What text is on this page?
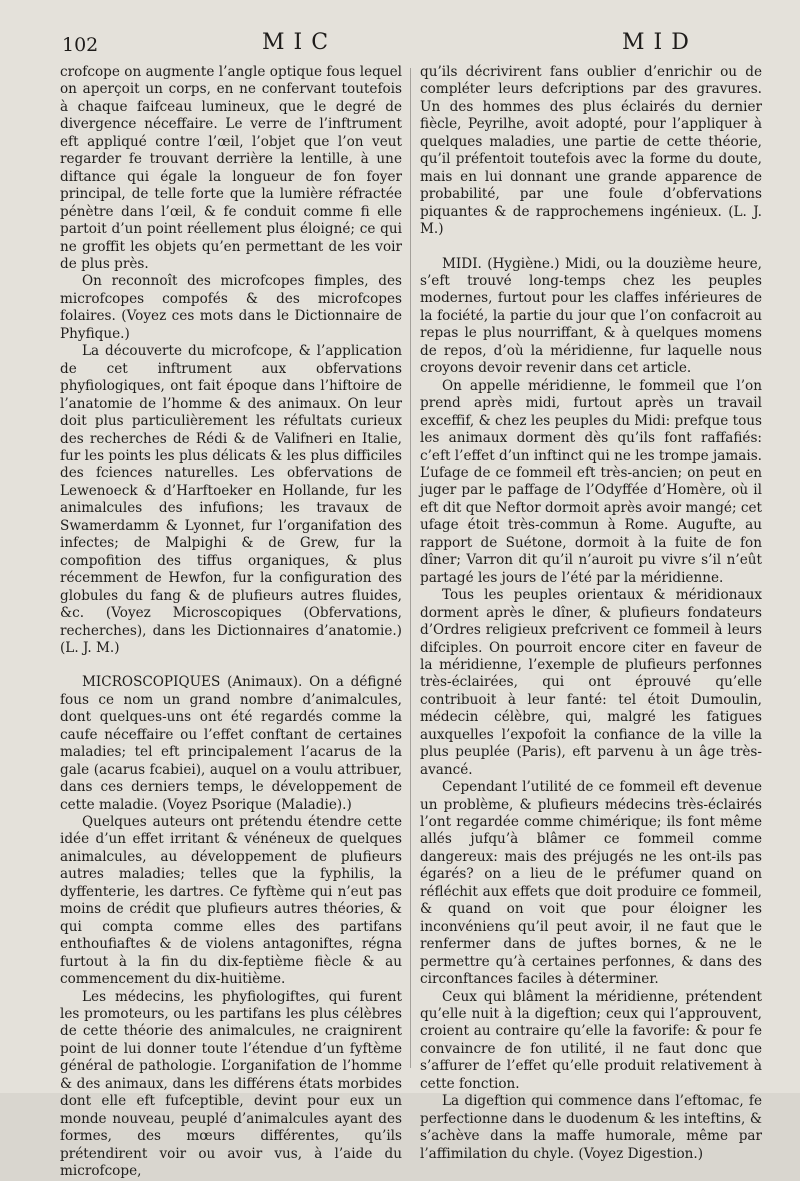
102	MIC	MID

crofcope on augmente l’angle optique fous lequel on aperçoit un corps, en ne confervant toutefois à chaque faifceau lumineux, que le degré de divergence néceffaire. Le verre de l’inftrument eft appliqué contre l’œil, l’objet que l’on veut regarder fe trouvant derrière la lentille, à une diftance qui égale la longueur de fon foyer principal, de telle forte que la lumière réfractée pénètre dans l’œil, & fe conduit comme fi elle partoit d’un point réellement plus éloigné; ce qui ne groffit les objets qu’en permettant de les voir de plus près.

On reconnoît des microfcopes fimples, des microfcopes compofés & des microfcopes folaires. (Voyez ces mots dans le Dictionnaire de Phyfique.)

La découverte du microfcope, & l’application de cet inftrument aux obfervations phyfiologiques, ont fait époque dans l’hiftoire de l’anatomie de l’homme & des animaux. On leur doit plus particulièrement les réfultats curieux des recherches de Rédi & de Valifneri en Italie, fur les points les plus délicats & les plus difficiles des fciences naturelles. Les obfervations de Lewenoeck & d’Harftoeker en Hollande, fur les animalcules des infufions; les travaux de Swamerdamm & Lyonnet, fur l’organifation des infectes; de Malpighi & de Grew, fur la compofition des tiffus organiques, & plus récemment de Hewfon, fur la configuration des globules du fang & de plufieurs autres fluides, &c. (Voyez Microscopiques (Obfervations, recherches), dans les Dictionnaires d’anatomie.) (L. J. M.)

MICROSCOPIQUES (Animaux). On a défigné fous ce nom un grand nombre d’animalcules, dont quelques-uns ont été regardés comme la caufe néceffaire ou l’effet conftant de certaines maladies; tel eft principalement l’acarus de la gale (acarus fcabiei), auquel on a voulu attribuer, dans ces derniers temps, le développement de cette maladie. (Voyez Psorique (Maladie).)

Quelques auteurs ont prétendu étendre cette idée d’un effet irritant & vénéneux de quelques animalcules, au développement de plufieurs autres maladies; telles que la fyphilis, la dyffenterie, les dartres. Ce fyftème qui n’eut pas moins de crédit que plufieurs autres théories, & qui compta comme elles des partifans enthoufiaftes & de violens antagoniftes, régna furtout à la fin du dix-feptième fiècle & au commencement du dix-huitième.

Les médecins, les phyfiologiftes, qui furent les promoteurs, ou les partifans les plus célèbres de cette théorie des animalcules, ne craignirent point de lui donner toute l’étendue d’un fyftème général de pathologie. L’organifation de l’homme & des animaux, dans les différens états morbides dont elle eft fufceptible, devint pour eux un monde nouveau, peuplé d’animalcules ayant des formes, des mœurs différentes, qu’ils prétendirent voir ou avoir vus, à l’aide du microfcope,

qu’ils décrivirent fans oublier d’enrichir ou de compléter leurs defcriptions par des gravures. Un des hommes des plus éclairés du dernier fiècle, Peyrilhe, avoit adopté, pour l’appliquer à quelques maladies, une partie de cette théorie, qu’il préfentoit toutefois avec la forme du doute, mais en lui donnant une grande apparence de probabilité, par une foule d’obfervations piquantes & de rapprochemens ingénieux. (L. J. M.)

MIDI. (Hygiène.) Midi, ou la douzième heure, s’eft trouvé long-temps chez les peuples modernes, furtout pour les claffes inférieures de la fociété, la partie du jour que l’on confacroit au repas le plus nourriffant, & à quelques momens de repos, d’où la méridienne, fur laquelle nous croyons devoir revenir dans cet article.

On appelle méridienne, le fommeil que l’on prend après midi, furtout après un travail exceffif, & chez les peuples du Midi: prefque tous les animaux dorment dès qu’ils font raffafiés: c’eft l’effet d’un inftinct qui ne les trompe jamais. L’ufage de ce fommeil eft très-ancien; on peut en juger par le paffage de l’Odyffée d’Homère, où il eft dit que Neftor dormoit après avoir mangé; cet ufage étoit très-commun à Rome. Augufte, au rapport de Suétone, dormoit à la fuite de fon dîner; Varron dit qu’il n’auroit pu vivre s’il n’eût partagé les jours de l’été par la méridienne.

Tous les peuples orientaux & méridionaux dorment après le dîner, & plufieurs fondateurs d’Ordres religieux prefcrivent ce fommeil à leurs difciples. On pourroit encore citer en faveur de la méridienne, l’exemple de plufieurs perfonnes très-éclairées, qui ont éprouvé qu’elle contribuoit à leur fanté: tel étoit Dumoulin, médecin célèbre, qui, malgré les fatigues auxquelles l’expofoit la confiance de la ville la plus peuplée (Paris), eft parvenu à un âge très-avancé.

Cependant l’utilité de ce fommeil eft devenue un problème, & plufieurs médecins très-éclairés l’ont regardée comme chimérique; ils font même allés jufqu’à blâmer ce fommeil comme dangereux: mais des préjugés ne les ont-ils pas égarés? on a lieu de le préfumer quand on réfléchit aux effets que doit produire ce fommeil, & quand on voit que pour éloigner les inconvéniens qu’il peut avoir, il ne faut que le renfermer dans de juftes bornes, & ne le permettre qu’à certaines perfonnes, & dans des circonftances faciles à déterminer.

Ceux qui blâment la méridienne, prétendent qu’elle nuit à la digeftion; ceux qui l’approuvent, croient au contraire qu’elle la favorife: & pour fe convaincre de fon utilité, il ne faut donc que s’affurer de l’effet qu’elle produit relativement à cette fonction.

La digeftion qui commence dans l’eftomac, fe perfectionne dans le duodenum & les inteftins, & s’achève dans la maffe humorale, même par l’affimilation du chyle. (Voyez Digestion.)
